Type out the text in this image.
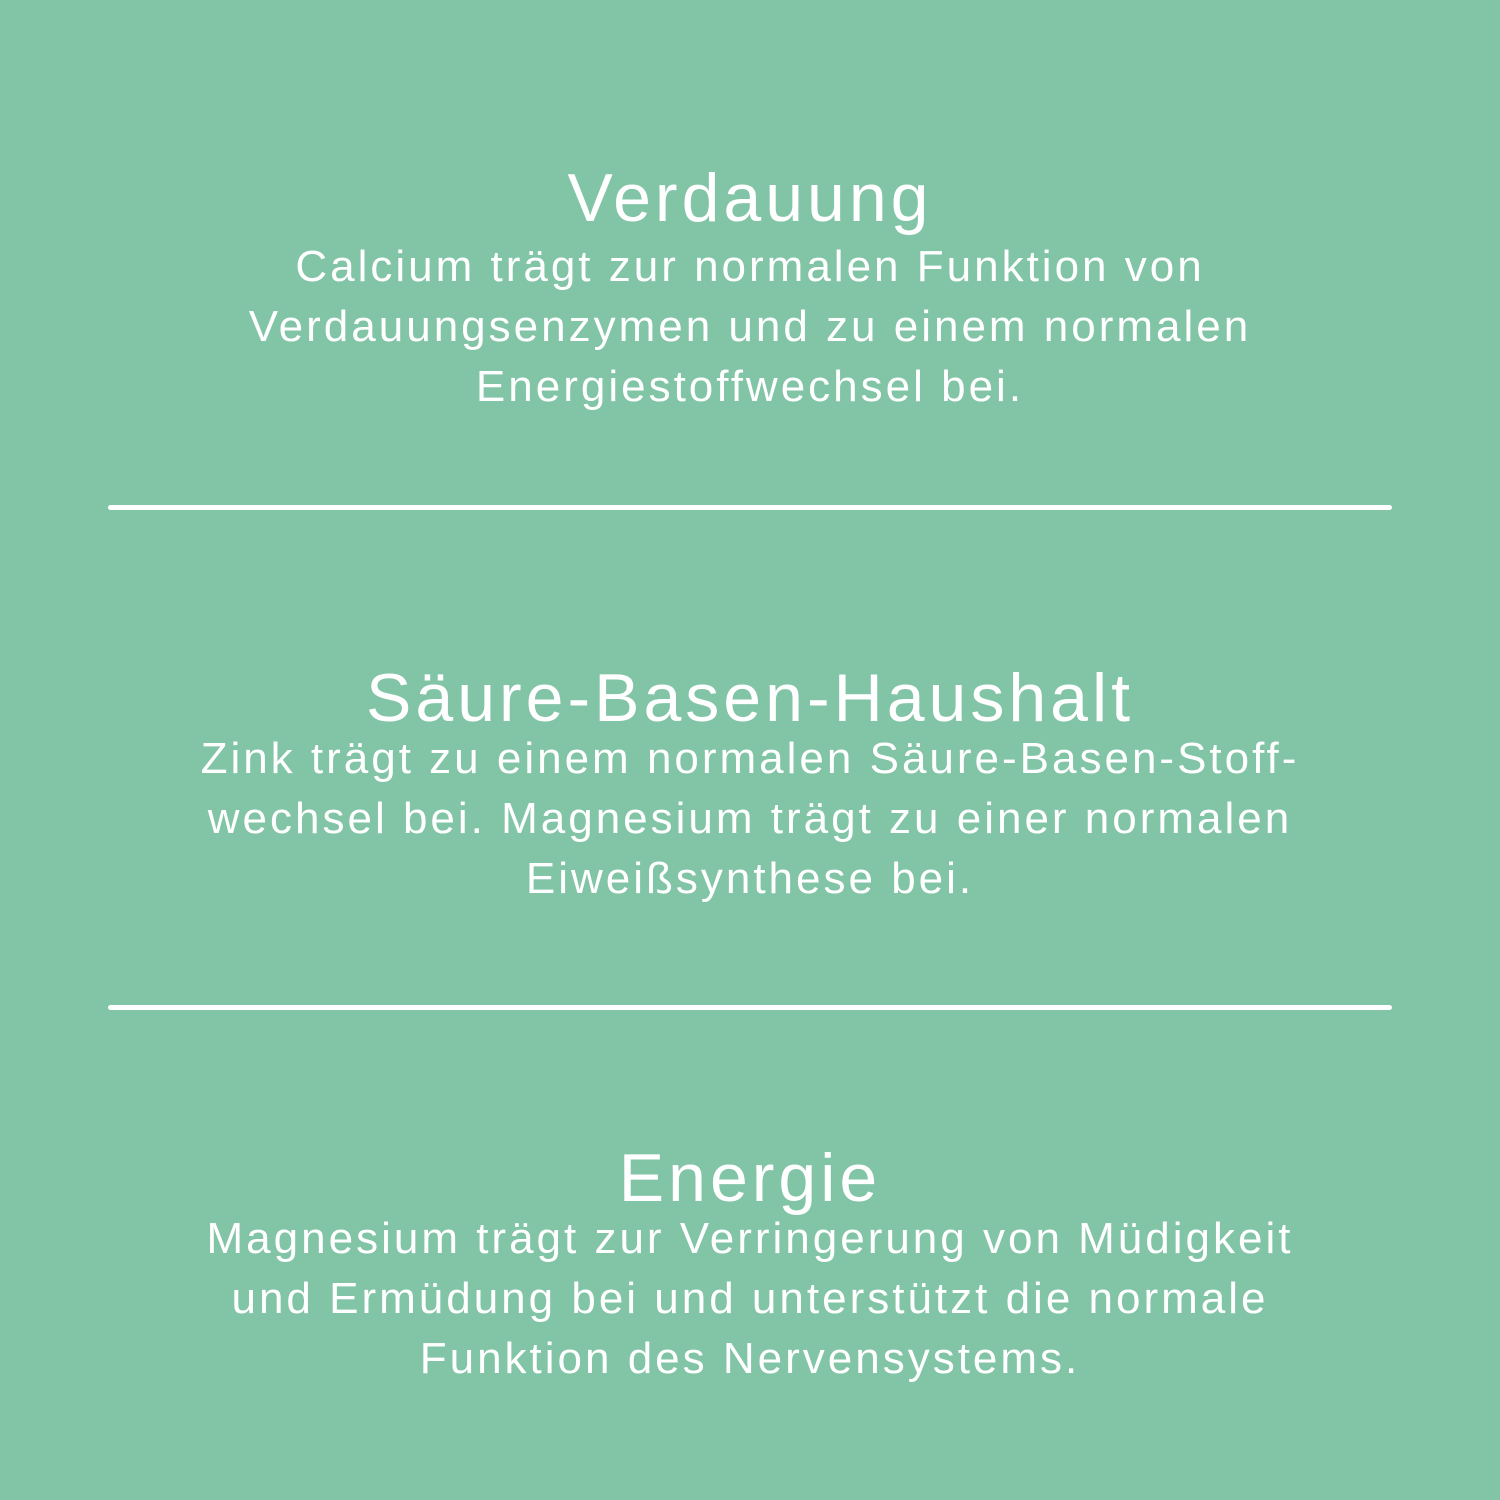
Verdauung
Calcium trägt zur normalen Funktion von
Verdauungsenzymen und zu einem normalen
Energiestoffwechsel bei.
Säure-Basen-Haushalt
Zink trägt zu einem normalen Säure-Basen-Stoff-
wechsel bei. Magnesium trägt zu einer normalen
Eiweißsynthese bei.
Energie
Magnesium trägt zur Verringerung von Müdigkeit
und Ermüdung bei und unterstützt die normale
Funktion des Nervensystems.
